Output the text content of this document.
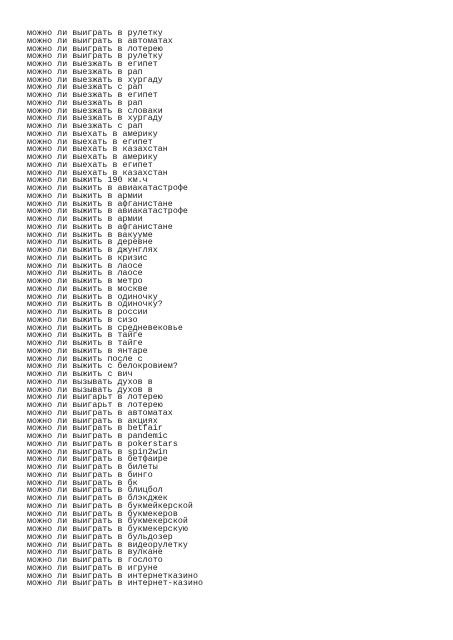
можно ли выиграть в рулетку
можно ли выиграть в автоматах
можно ли выиграть в лотерею
можно ли выиграть в рулетку
можно ли выезжать в египет
можно ли выезжать в рап
можно ли выезжать в хургаду
можно ли выезжать с рап
можно ли выезжать в египет
можно ли выезжать в рап
можно ли выезжать в словаки
можно ли выезжать в хургаду
можно ли выезжать с рап
можно ли выехать в америку
можно ли выехать в египет
можно ли выехать в казахстан
можно ли выехать в америку
можно ли выехать в египет
можно ли выехать в казахстан
можно ли выжить 190 км.ч
можно ли выжить в авиакатастрофе
можно ли выжить в армии
можно ли выжить в афганистане
можно ли выжить в авиакатастрофе
можно ли выжить в армии
можно ли выжить в афганистане
можно ли выжить в вакууме
можно ли выжить в деревне
можно ли выжить в джунглях
можно ли выжить в кризис
можно ли выжить в лаосе
можно ли выжить в лаосе
можно ли выжить в метро
можно ли выжить в москве
можно ли выжить в одиночку
можно ли выжить в одиночку?
можно ли выжить в россии
можно ли выжить в сизо
можно ли выжить в средневековье
можно ли выжить в тайге
можно ли выжить в тайге
можно ли выжить в янтаре
можно ли выжить после с
можно ли выжить с белокровием?
можно ли выжить с вич
можно ли вызывать духов в
можно ли вызывать духов в
можно ли выигарьт в лотерею
можно ли выигарьт в лотерею
можно ли выиграть в автоматах
можно ли выиграть в акциях
можно ли выиграть в betfair
можно ли выиграть в pandemic
можно ли выиграть в pokerstars
можно ли выиграть в spin2win
можно ли выиграть в бетфаире
можно ли выиграть в билеты
можно ли выиграть в бинго
можно ли выиграть в бк
можно ли выиграть в блицбол
можно ли выиграть в блэкджек
можно ли выиграть в букмейкерской
можно ли выиграть в букмекеров
можно ли выиграть в букмекерской
можно ли выиграть в букмекерскую
можно ли выиграть в бульдозер
можно ли выиграть в видеорулетку
можно ли выиграть в вулкане
можно ли выиграть в гослото
можно ли выиграть в игруне
можно ли выиграть в интернетказино
можно ли выиграть в интернет-казино
